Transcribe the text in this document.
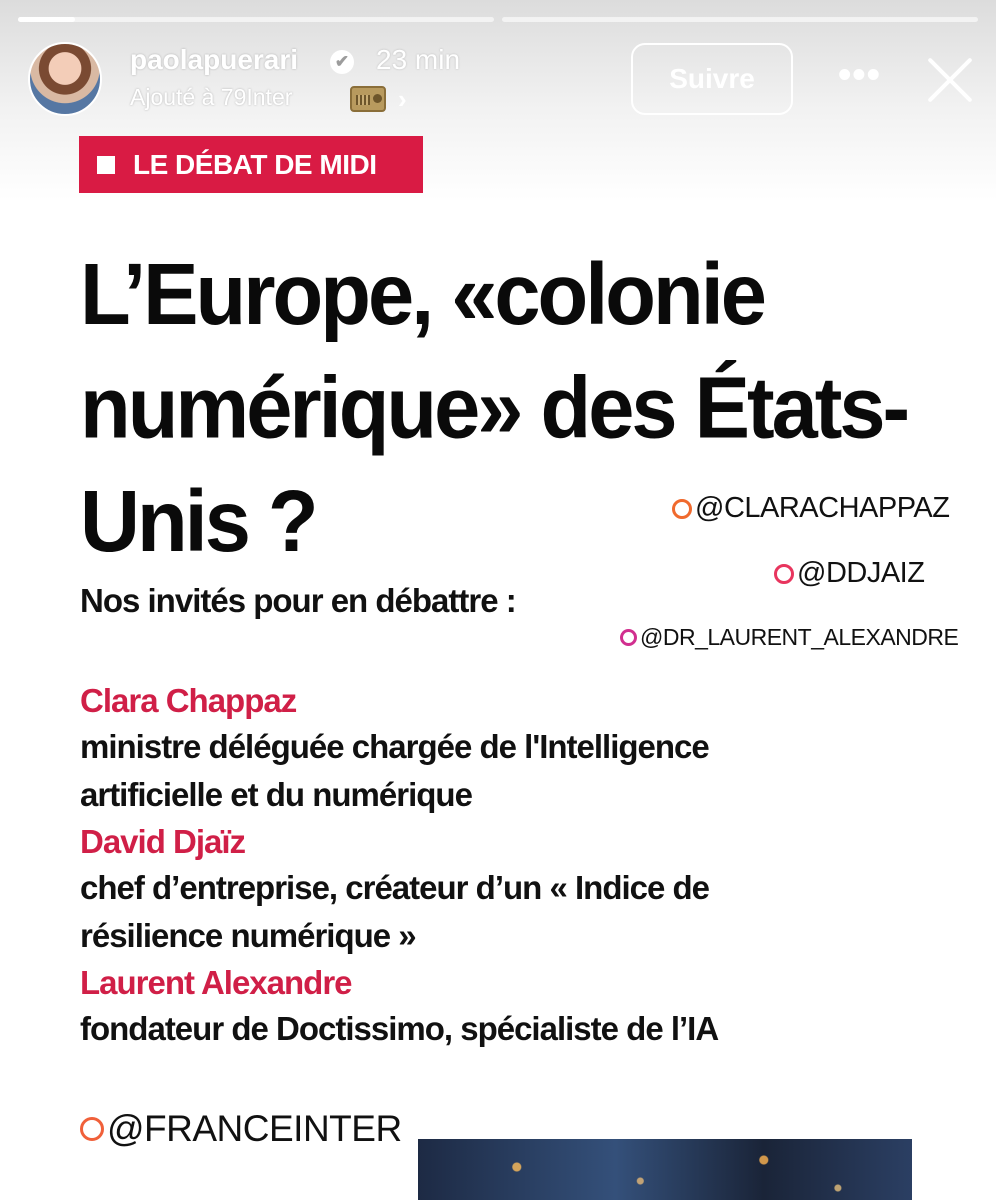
paolapuerari ✔ 23 min
Ajouté à 79Inter	›
Suivre	•••
LE DÉBAT DE MIDI
L’Europe, «colonie
numérique» des États-
Unis ?	@CLARACHAPPAZ
@DDJAIZ
@DR_LAURENT_ALEXANDRE
Nos invités pour en débattre :
Clara Chappaz
ministre déléguée chargée de l'Intelligence
artificielle et du numérique
David Djaïz
chef d’entreprise, créateur d’un « Indice de
résilience numérique »
Laurent Alexandre
fondateur de Doctissimo, spécialiste de l’IA
@FRANCEINTER
